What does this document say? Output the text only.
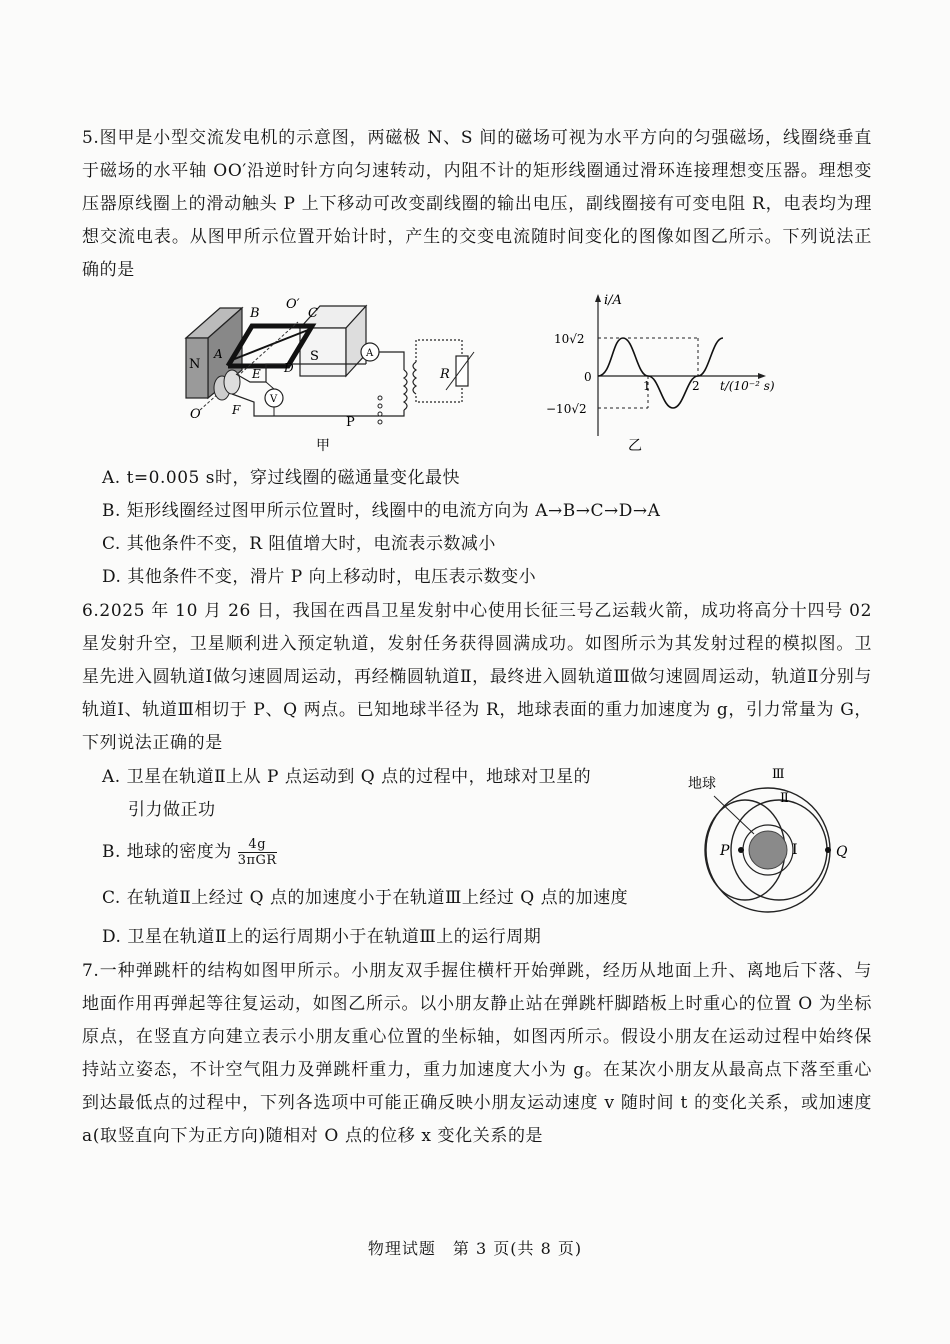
5.图甲是小型交流发电机的示意图，两磁极 N、S 间的磁场可视为水平方向的匀强磁场，线圈绕垂直于磁场的水平轴 OO′沿逆时针方向匀速转动，内阻不计的矩形线圈通过滑环连接理想变压器。理想变压器原线圈上的滑动触头 P 上下移动可改变副线圈的输出电压，副线圈接有可变电阻 R，电表均为理想交流电表。从图甲所示位置开始计时，产生的交变电流随时间变化的图像如图乙所示。下列说法正确的是

B
O′
C
N
A	S
D
E
O	F
A
V
R
P
甲
i/A
10√2
−10√2
0
1	2 t/(10⁻² s)
乙
A. t=0.005 s时，穿过线圈的磁通量变化最快
B. 矩形线圈经过图甲所示位置时，线圈中的电流方向为 A→B→C→D→A
C. 其他条件不变，R 阻值增大时，电流表示数减小
D. 其他条件不变，滑片 P 向上移动时，电压表示数变小

6.2025 年 10 月 26 日，我国在西昌卫星发射中心使用长征三号乙运载火箭，成功将高分十四号 02 星发射升空，卫星顺利进入预定轨道，发射任务获得圆满成功。如图所示为其发射过程的模拟图。卫星先进入圆轨道Ⅰ做匀速圆周运动，再经椭圆轨道Ⅱ，最终进入圆轨道Ⅲ做匀速圆周运动，轨道Ⅱ分别与轨道Ⅰ、轨道Ⅲ相切于 P、Q 两点。已知地球半径为 R，地球表面的重力加速度为 g，引力常量为 G，下列说法正确的是

A. 卫星在轨道Ⅱ上从 P 点运动到 Q 点的过程中，地球对卫星的
引力做正功
B. 地球的密度为 $\frac{4g}{\text{3πGR}}$
C. 在轨道Ⅱ上经过 Q 点的加速度小于在轨道Ⅲ上经过 Q 点的加速度
D. 卫星在轨道Ⅱ上的运行周期小于在轨道Ⅲ上的运行周期
地球
Ⅲ
Ⅱ
Ⅰ
P	Q

7.一种弹跳杆的结构如图甲所示。小朋友双手握住横杆开始弹跳，经历从地面上升、离地后下落、与地面作用再弹起等往复运动，如图乙所示。以小朋友静止站在弹跳杆脚踏板上时重心的位置 O 为坐标原点，在竖直方向建立表示小朋友重心位置的坐标轴，如图丙所示。假设小朋友在运动过程中始终保持站立姿态，不计空气阻力及弹跳杆重力，重力加速度大小为 g。在某次小朋友从最高点下落至重心到达最低点的过程中，下列各选项中可能正确反映小朋友运动速度 v 随时间 t 的变化关系，或加速度 a(取竖直向下为正方向)随相对 O 点的位移 x 变化关系的是

物理试题　第 3 页(共 8 页)
